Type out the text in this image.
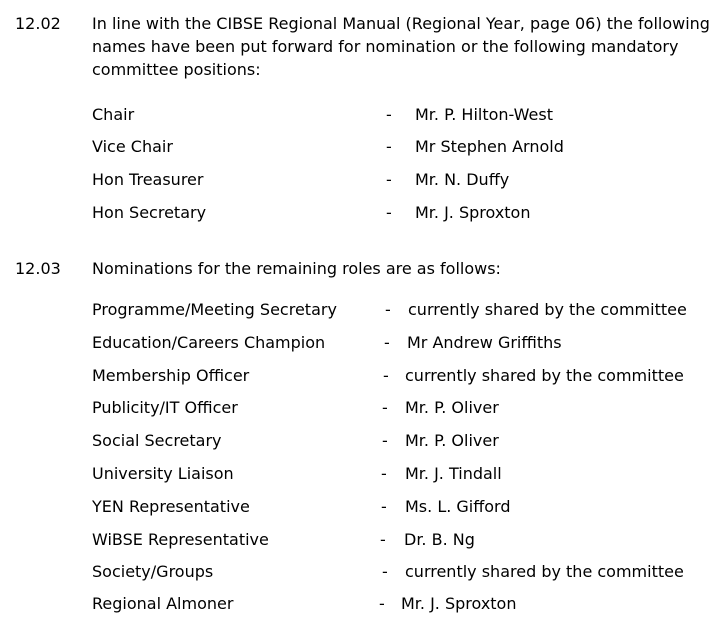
12.02 In line with the CIBSE Regional Manual (Regional Year, page 06) the following
names have been put forward for nomination or the following mandatory
committee positions:
Chair	- Mr. P. Hilton-West
Vice Chair	- Mr Stephen Arnold
Hon Treasurer	- Mr. N. Duffy
Hon Secretary	- Mr. J. Sproxton
12.03 Nominations for the remaining roles are as follows:
Programme/Meeting Secretary	- currently shared by the committee
Education/Careers Champion	- Mr Andrew Griffiths
Membership Officer	- currently shared by the committee
Publicity/IT Officer	- Mr. P. Oliver
Social Secretary	- Mr. P. Oliver
University Liaison	- Mr. J. Tindall
YEN Representative	- Ms. L. Gifford
WiBSE Representative	- Dr. B. Ng
Society/Groups	- currently shared by the committee
Regional Almoner	- Mr. J. Sproxton
